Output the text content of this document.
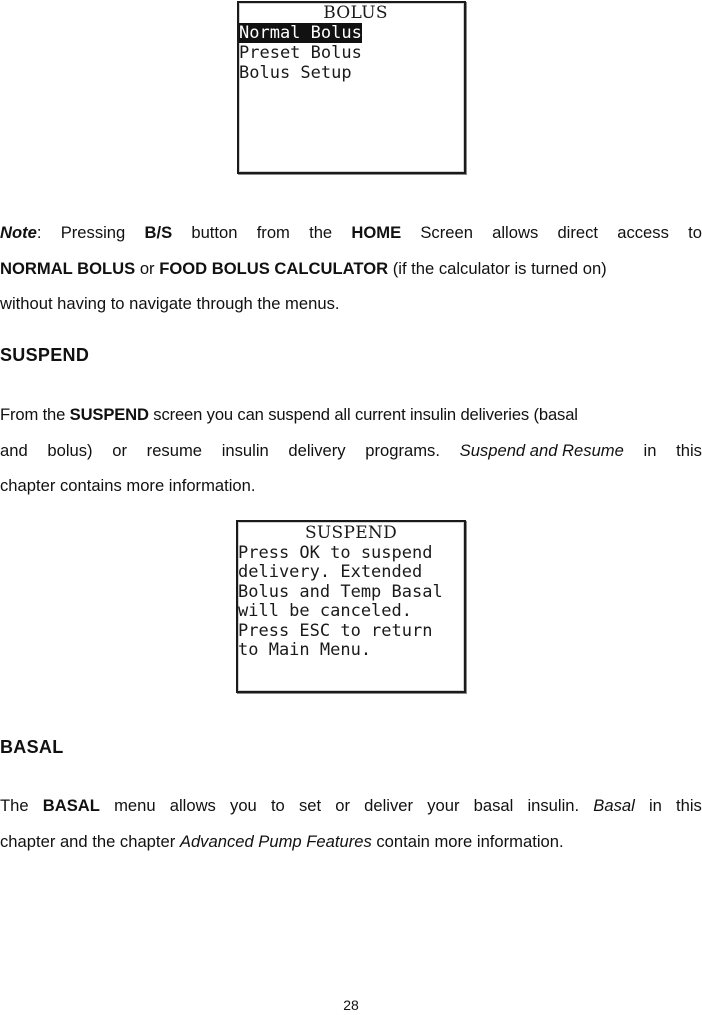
BOLUS
Normal Bolus
Preset Bolus
Bolus Setup
Note: Pressing B/S button from the HOME Screen allows direct access to
NORMAL BOLUS or FOOD BOLUS CALCULATOR (if the calculator is turned on)
without having to navigate through the menus.
SUSPEND
From the SUSPEND screen you can suspend all current insulin deliveries (basal
and bolus) or resume insulin delivery programs. Suspend and Resume in this
chapter contains more information.
SUSPEND
Press OK to suspend
delivery. Extended
Bolus and Temp Basal
will be canceled.
Press ESC to return
to Main Menu.
BASAL
The BASAL menu allows you to set or deliver your basal insulin. Basal in this
chapter and the chapter Advanced Pump Features contain more information.
28
